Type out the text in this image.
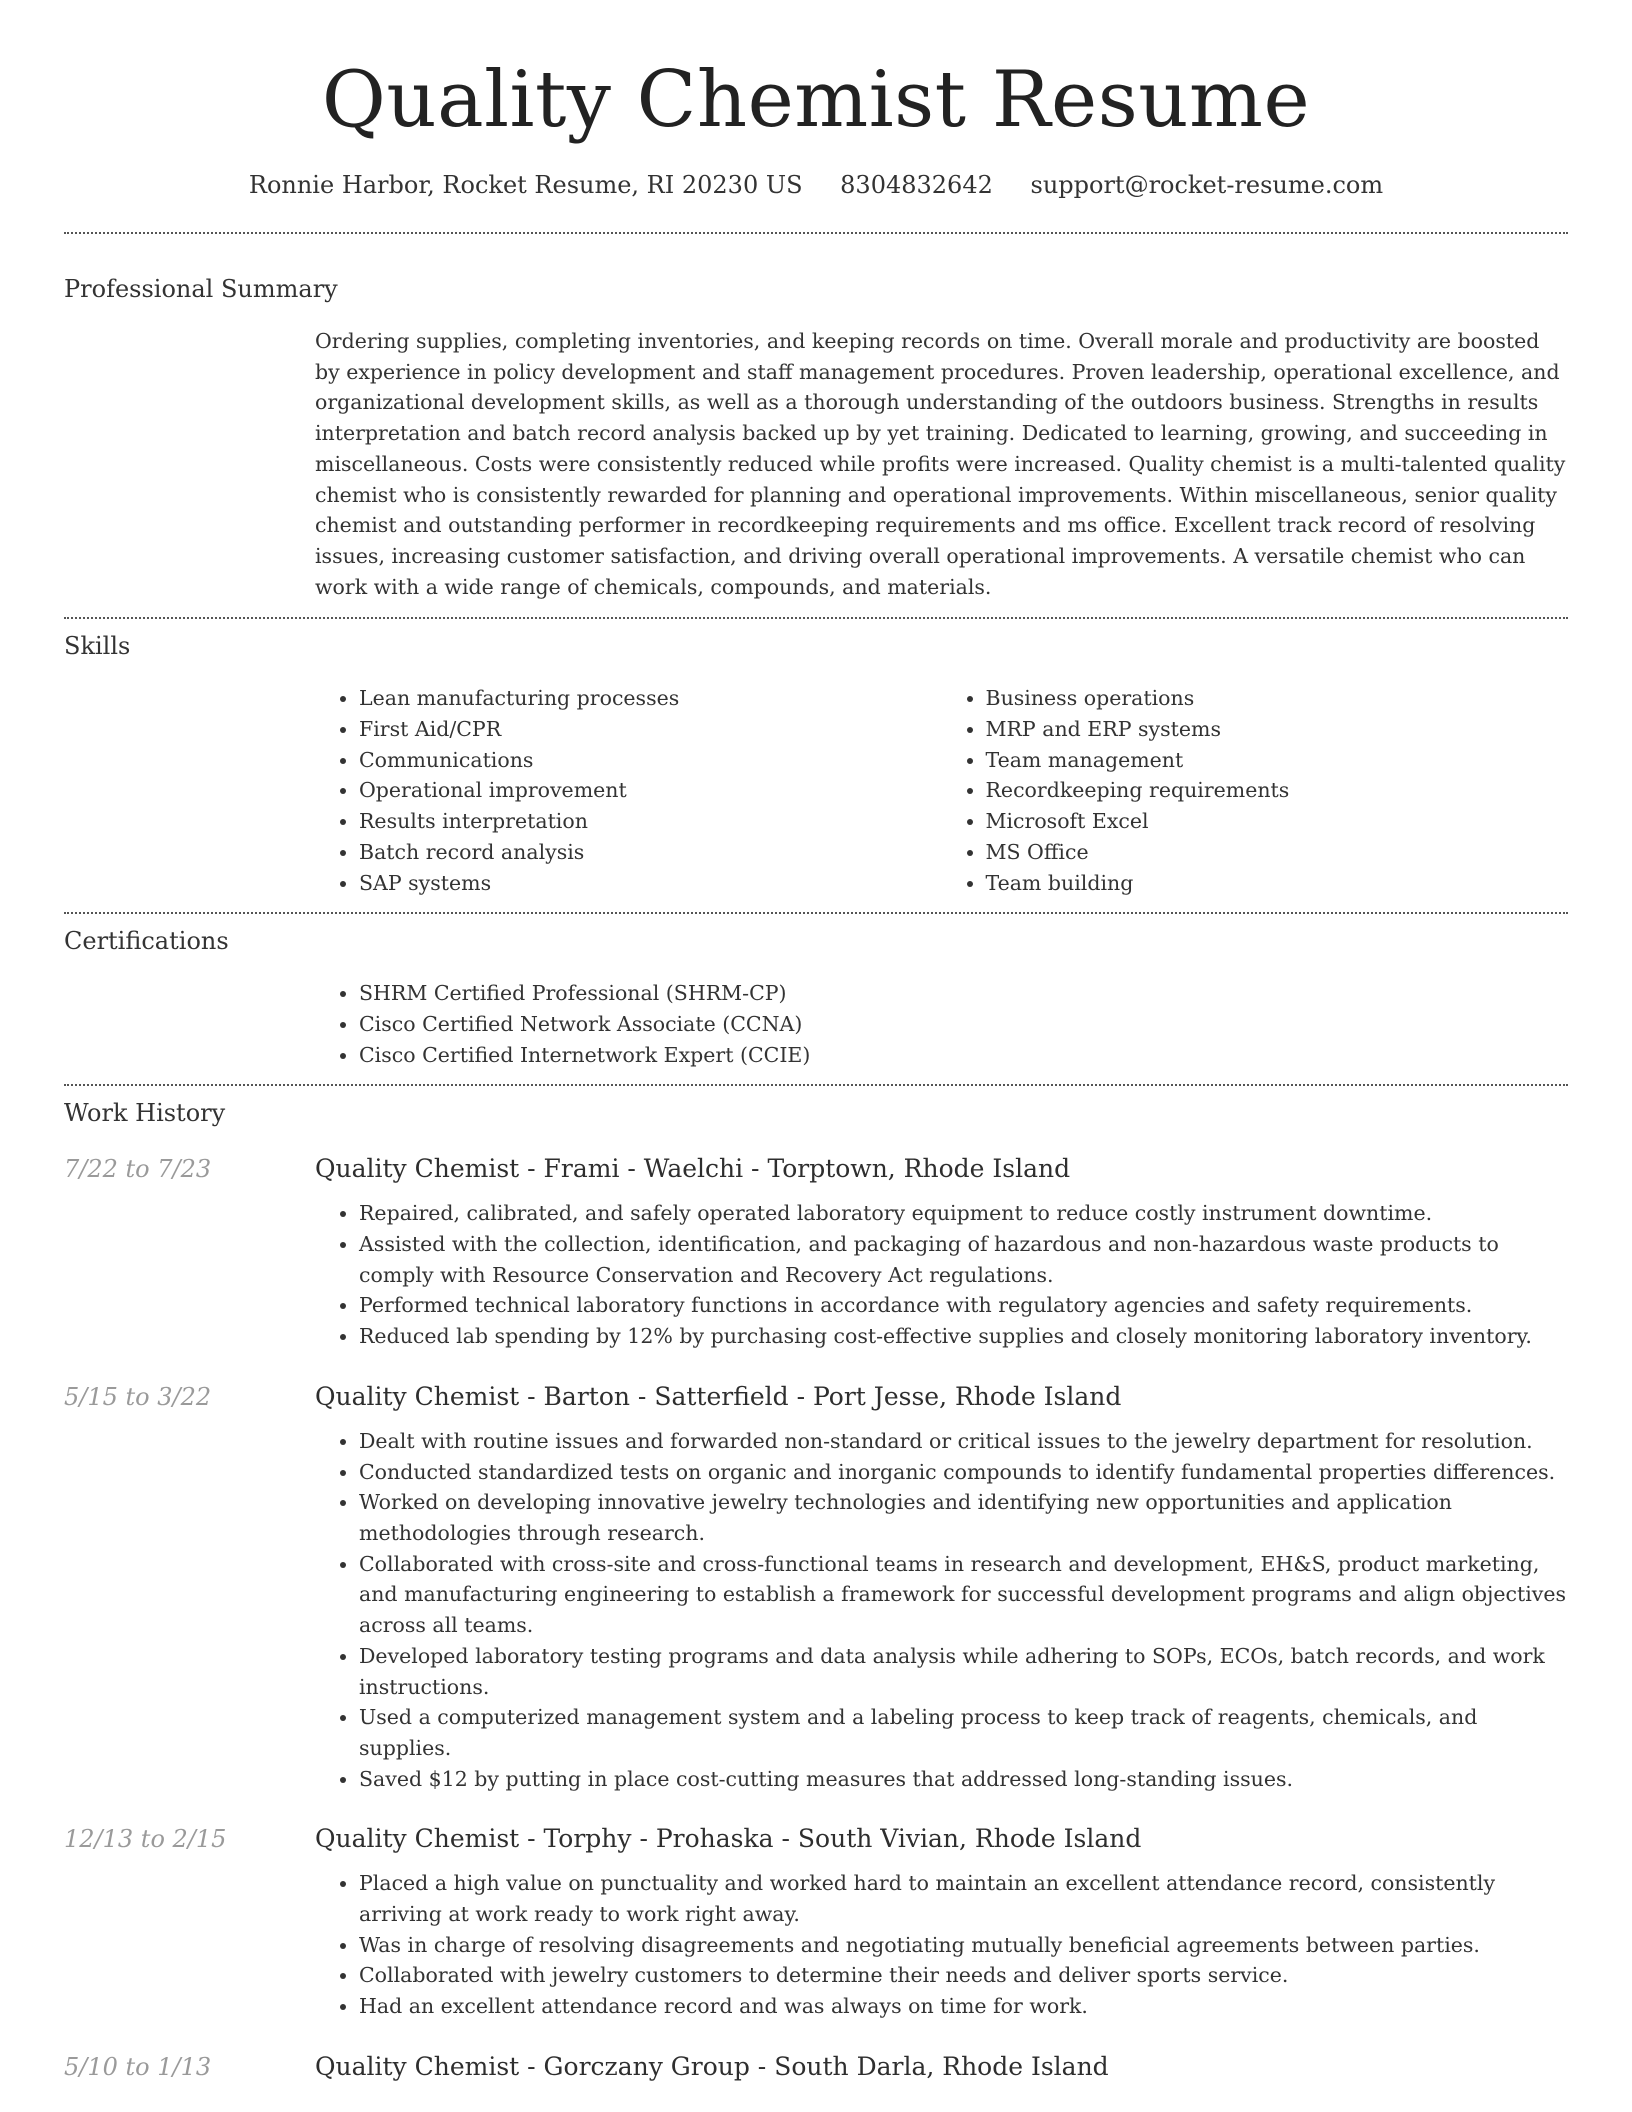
Quality Chemist Resume
Ronnie Harbor, Rocket Resume, RI 20230 US 8304832642 support@rocket-resume.com
Professional Summary

Ordering supplies, completing inventories, and keeping records on time. Overall morale and productivity are boosted by experience in policy development and staff management procedures. Proven leadership, operational excellence, and organizational development skills, as well as a thorough understanding of the outdoors business. Strengths in results interpretation and batch record analysis backed up by yet training. Dedicated to learning, growing, and succeeding in miscellaneous. Costs were consistently reduced while profits were increased. Quality chemist is a multi-talented quality chemist who is consistently rewarded for planning and operational improvements. Within miscellaneous, senior quality chemist and outstanding performer in recordkeeping requirements and ms office. Excellent track record of resolving issues, increasing customer satisfaction, and driving overall operational improvements. A versatile chemist who can work with a wide range of chemicals, compounds, and materials.

Skills
• Lean manufacturing processes
• First Aid/CPR
• Communications
• Operational improvement
• Results interpretation
• Batch record analysis
• SAP systems
• Business operations
• MRP and ERP systems
• Team management
• Recordkeeping requirements
• Microsoft Excel
• MS Office
• Team building
Certifications
• SHRM Certified Professional (SHRM-CP)
• Cisco Certified Network Associate (CCNA)
• Cisco Certified Internetwork Expert (CCIE)
Work History
7/22 to 7/23	Quality Chemist - Frami - Waelchi - Torptown, Rhode Island
• Repaired, calibrated, and safely operated laboratory equipment to reduce costly instrument downtime.
• Assisted with the collection, identification, and packaging of hazardous and non-hazardous waste products to comply with Resource Conservation and Recovery Act regulations.
• Performed technical laboratory functions in accordance with regulatory agencies and safety requirements.
• Reduced lab spending by 12% by purchasing cost-effective supplies and closely monitoring laboratory inventory.
5/15 to 3/22	Quality Chemist - Barton - Satterfield - Port Jesse, Rhode Island
• Dealt with routine issues and forwarded non-standard or critical issues to the jewelry department for resolution.
• Conducted standardized tests on organic and inorganic compounds to identify fundamental properties differences.
• Worked on developing innovative jewelry technologies and identifying new opportunities and application methodologies through research.
• Collaborated with cross-site and cross-functional teams in research and development, EH&S, product marketing, and manufacturing engineering to establish a framework for successful development programs and align objectives across all teams.
• Developed laboratory testing programs and data analysis while adhering to SOPs, ECOs, batch records, and work instructions.
• Used a computerized management system and a labeling process to keep track of reagents, chemicals, and supplies.
• Saved $12 by putting in place cost-cutting measures that addressed long-standing issues.
12/13 to 2/15	Quality Chemist - Torphy - Prohaska - South Vivian, Rhode Island
• Placed a high value on punctuality and worked hard to maintain an excellent attendance record, consistently arriving at work ready to work right away.
• Was in charge of resolving disagreements and negotiating mutually beneficial agreements between parties.
• Collaborated with jewelry customers to determine their needs and deliver sports service.
• Had an excellent attendance record and was always on time for work.
5/10 to 1/13	Quality Chemist - Gorczany Group - South Darla, Rhode Island
